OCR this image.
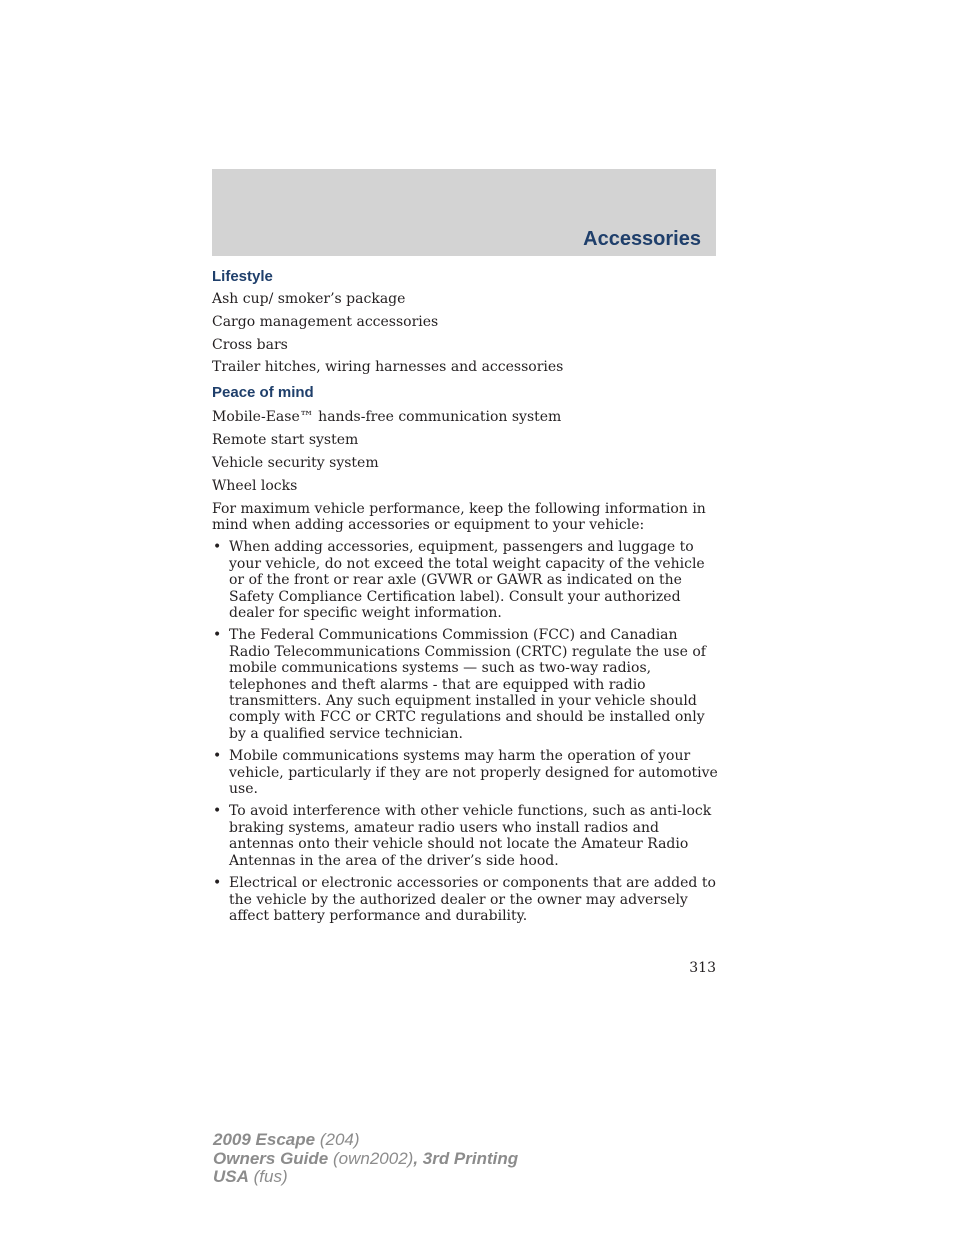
Accessories
Lifestyle
Ash cup/ smoker’s package
Cargo management accessories
Cross bars
Trailer hitches, wiring harnesses and accessories
Peace of mind
Mobile-Ease™ hands-free communication system
Remote start system
Vehicle security system
Wheel locks

For maximum vehicle performance, keep the following information in mind when adding accessories or equipment to your vehicle:

• When adding accessories, equipment, passengers and luggage to your vehicle, do not exceed the total weight capacity of the vehicle or of the front or rear axle (GVWR or GAWR as indicated on the Safety Compliance Certification label). Consult your authorized dealer for specific weight information.
• The Federal Communications Commission (FCC) and Canadian Radio Telecommunications Commission (CRTC) regulate the use of mobile communications systems — such as two-way radios, telephones and theft alarms - that are equipped with radio transmitters. Any such equipment installed in your vehicle should comply with FCC or CRTC regulations and should be installed only by a qualified service technician.
• Mobile communications systems may harm the operation of your vehicle, particularly if they are not properly designed for automotive use.
• To avoid interference with other vehicle functions, such as anti-lock braking systems, amateur radio users who install radios and antennas onto their vehicle should not locate the Amateur Radio Antennas in the area of the driver’s side hood.
• Electrical or electronic accessories or components that are added to the vehicle by the authorized dealer or the owner may adversely affect battery performance and durability.
313
2009 Escape (204)
Owners Guide (own2002), 3rd Printing
USA (fus)
